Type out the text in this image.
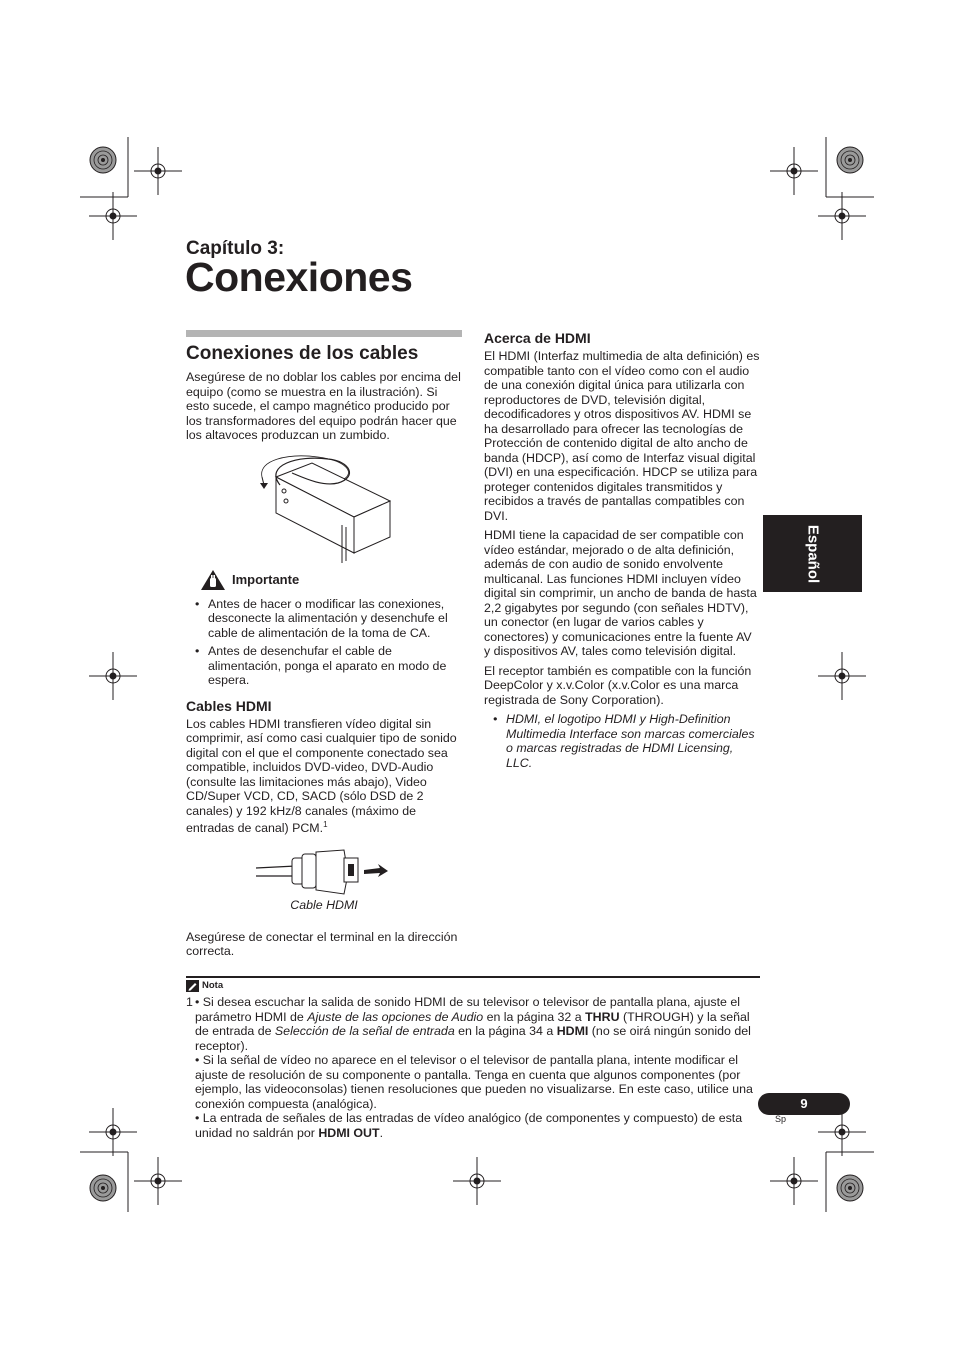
Capítulo 3:
Conexiones
Conexiones de los cables

Asegúrese de no doblar los cables por encima del equipo (como se muestra en la ilustración). Si esto sucede, el campo magnético producido por los transformadores del equipo podrán hacer que los altavoces produzcan un zumbido.

Importante
• Antes de hacer o modificar las conexiones, desconecte la alimentación y desenchufe el cable de alimentación de la toma de CA.
• Antes de desenchufar el cable de alimentación, ponga el aparato en modo de espera.
Cables HDMI

Los cables HDMI transfieren vídeo digital sin comprimir, así como casi cualquier tipo de sonido digital con el que el componente conectado sea compatible, incluidos DVD-video, DVD-Audio (consulte las limitaciones más abajo), Video CD/Super VCD, CD, SACD (sólo DSD de 2 canales) y 192 kHz/8 canales (máximo de entradas de canal) PCM.$^1$

Cable HDMI

Asegúrese de conectar el terminal en la dirección correcta.

Acerca de HDMI

El HDMI (Interfaz multimedia de alta definición) es compatible tanto con el vídeo como con el audio de una conexión digital única para utilizarla con reproductores de DVD, televisión digital, decodificadores y otros dispositivos AV. HDMI se ha desarrollado para ofrecer las tecnologías de Protección de contenido digital de alto ancho de banda (HDCP), así como de Interfaz visual digital (DVI) en una especificación. HDCP se utiliza para proteger contenidos digitales transmitidos y recibidos a través de pantallas compatibles con DVI.

HDMI tiene la capacidad de ser compatible con vídeo estándar, mejorado o de alta definición, además de con audio de sonido envolvente multicanal. Las funciones HDMI incluyen vídeo digital sin comprimir, un ancho de banda de hasta 2,2 gigabytes por segundo (con señales HDTV), un conector (en lugar de varios cables y conectores) y comunicaciones entre la fuente AV y dispositivos AV, tales como televisión digital.

El receptor también es compatible con la función DeepColor y x.v.Color (x.v.Color es una marca registrada de Sony Corporation).

• HDMI, el logotipo HDMI y High-Definition Multimedia Interface son marcas comerciales o marcas registradas de HDMI Licensing, LLC.
Español
Nota

1 • Si desea escuchar la salida de sonido HDMI de su televisor o televisor de pantalla plana, ajuste el parámetro HDMI de Ajuste de las opciones de Audio en la página 32 a THRU (THROUGH) y la señal de entrada de Selección de la señal de entrada en la página 34 a HDMI (no se oirá ningún sonido del receptor).

• Si la señal de vídeo no aparece en el televisor o el televisor de pantalla plana, intente modificar el ajuste de resolución de su componente o pantalla. Tenga en cuenta que algunos componentes (por ejemplo, las videoconsolas) tienen resoluciones que pueden no visualizarse. En este caso, utilice una conexión compuesta (analógica).

• La entrada de señales de las entradas de vídeo analógico (de componentes y compuesto) de esta unidad no saldrán por HDMI OUT.

9
Sp
